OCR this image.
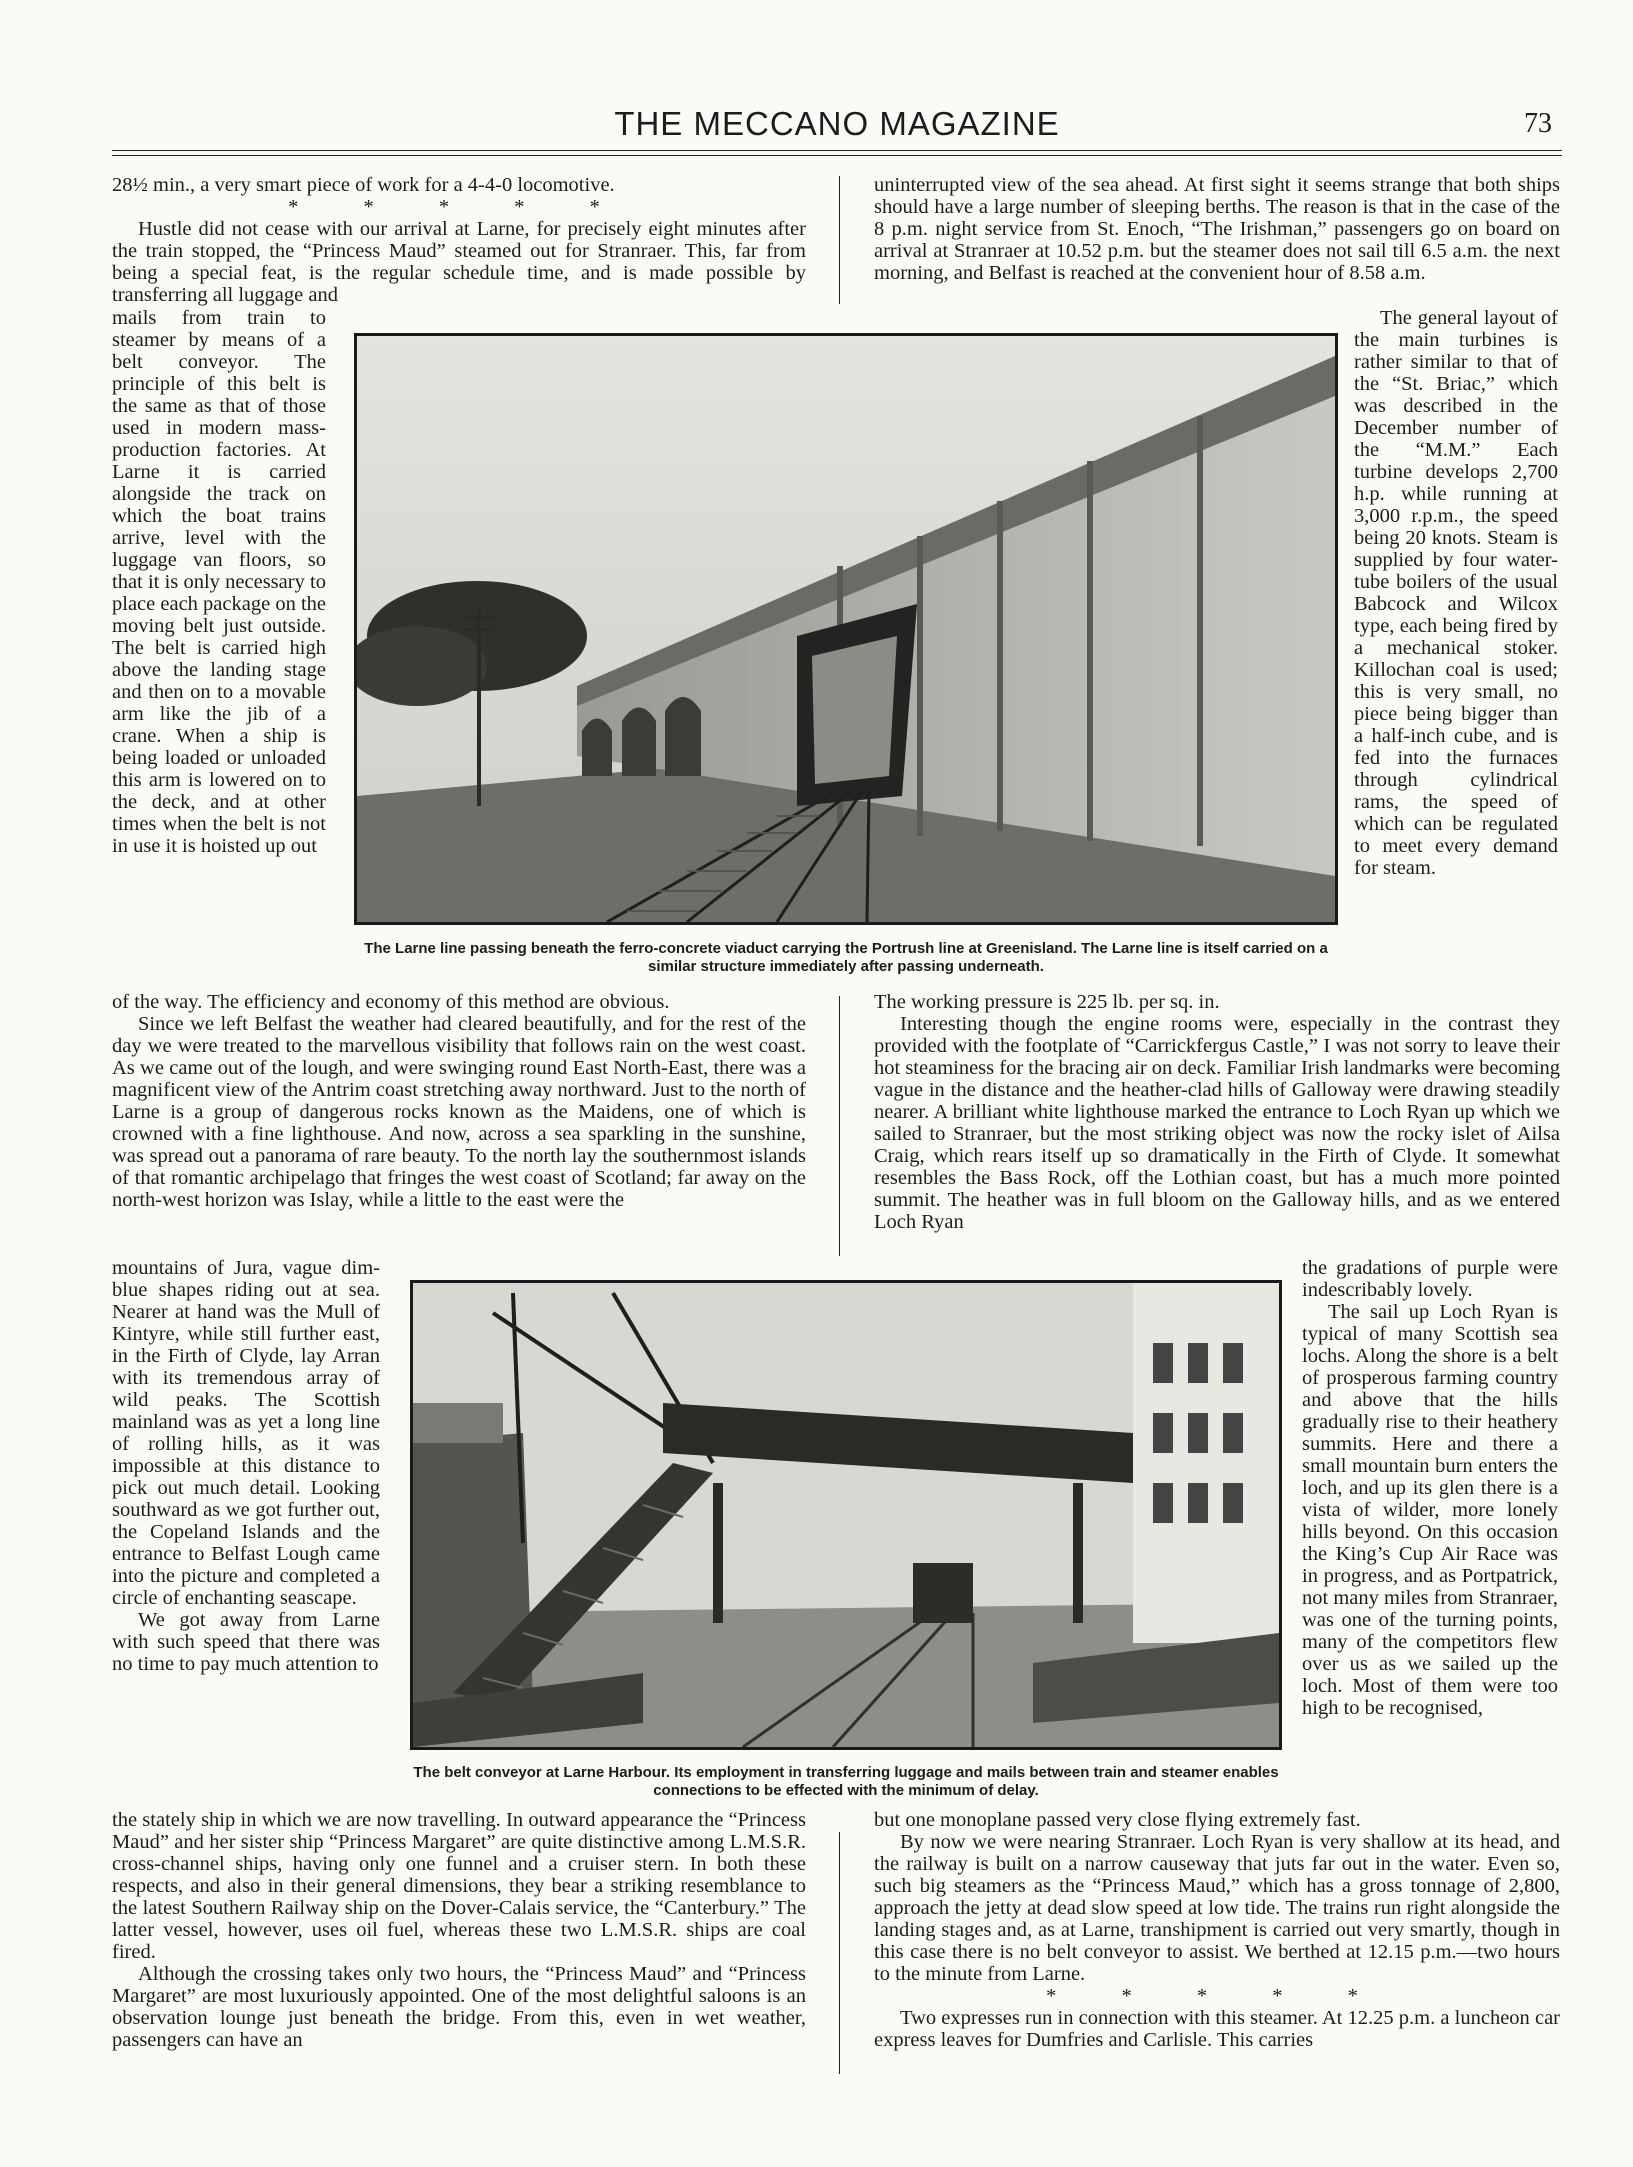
THE MECCANO MAGAZINE	73

28½ min., a very smart piece of work for a 4-4-0 locomotive.

* * * * *

Hustle did not cease with our arrival at Larne, for precisely eight minutes after the train stopped, the “Princess Maud” steamed out for Stranraer. This, far from being a special feat, is the regular schedule time, and is made possible by transferring all luggage and

uninterrupted view of the sea ahead. At first sight it seems strange that both ships should have a large number of sleeping berths. The reason is that in the case of the 8 p.m. night service from St. Enoch, “The Irishman,” passengers go on board on arrival at Stranraer at 10.52 p.m. but the steamer does not sail till 6.5 a.m. the next morning, and Belfast is reached at the convenient hour of 8.58 a.m.

mails from train to steamer by means of a belt conveyor. The principle of this belt is the same as that of those used in modern mass-production factories. At Larne it is carried alongside the track on which the boat trains arrive, level with the luggage van floors, so that it is only necessary to place each package on the moving belt just outside. The belt is carried high above the landing stage and then on to a movable arm like the jib of a crane. When a ship is being loaded or unloaded this arm is lowered on to the deck, and at other times when the belt is not in use it is hoisted up out

The general layout of the main turbines is rather similar to that of the “St. Briac,” which was described in the December number of the “M.M.” Each turbine develops 2,700 h.p. while running at 3,000 r.p.m., the speed being 20 knots. Steam is supplied by four water-tube boilers of the usual Babcock and Wilcox type, each being fired by a mechanical stoker. Killochan coal is used; this is very small, no piece being bigger than a half-inch cube, and is fed into the furnaces through cylindrical rams, the speed of which can be regulated to meet every demand for steam.

The Larne line passing beneath the ferro-concrete viaduct carrying the Portrush line at Greenisland. The Larne line is itself carried on a similar structure immediately after passing underneath.

of the way. The efficiency and economy of this method are obvious.

Since we left Belfast the weather had cleared beautifully, and for the rest of the day we were treated to the marvellous visibility that follows rain on the west coast. As we came out of the lough, and were swinging round East North-East, there was a magnificent view of the Antrim coast stretching away northward. Just to the north of Larne is a group of dangerous rocks known as the Maidens, one of which is crowned with a fine lighthouse. And now, across a sea sparkling in the sunshine, was spread out a panorama of rare beauty. To the north lay the southernmost islands of that romantic archipelago that fringes the west coast of Scotland; far away on the north-west horizon was Islay, while a little to the east were the

The working pressure is 225 lb. per sq. in.

Interesting though the engine rooms were, especially in the contrast they provided with the footplate of “Carrickfergus Castle,” I was not sorry to leave their hot steaminess for the bracing air on deck. Familiar Irish landmarks were becoming vague in the distance and the heather-clad hills of Galloway were drawing steadily nearer. A brilliant white lighthouse marked the entrance to Loch Ryan up which we sailed to Stranraer, but the most striking object was now the rocky islet of Ailsa Craig, which rears itself up so dramatically in the Firth of Clyde. It somewhat resembles the Bass Rock, off the Lothian coast, but has a much more pointed summit. The heather was in full bloom on the Galloway hills, and as we entered Loch Ryan

mountains of Jura, vague dim-blue shapes riding out at sea. Nearer at hand was the Mull of Kintyre, while still further east, in the Firth of Clyde, lay Arran with its tremendous array of wild peaks. The Scottish mainland was as yet a long line of rolling hills, as it was impossible at this distance to pick out much detail. Looking southward as we got further out, the Copeland Islands and the entrance to Belfast Lough came into the picture and completed a circle of enchanting seascape.

We got away from Larne with such speed that there was no time to pay much attention to

the gradations of purple were indescribably lovely.

The sail up Loch Ryan is typical of many Scottish sea lochs. Along the shore is a belt of prosperous farming country and above that the hills gradually rise to their heathery summits. Here and there a small mountain burn enters the loch, and up its glen there is a vista of wilder, more lonely hills beyond. On this occasion the King’s Cup Air Race was in progress, and as Portpatrick, not many miles from Stranraer, was one of the turning points, many of the competitors flew over us as we sailed up the loch. Most of them were too high to be recognised,

The belt conveyor at Larne Harbour. Its employment in transferring luggage and mails between train and steamer enables connections to be effected with the minimum of delay.

the stately ship in which we are now travelling. In outward appearance the “Princess Maud” and her sister ship “Princess Margaret” are quite distinctive among L.M.S.R. cross-channel ships, having only one funnel and a cruiser stern. In both these respects, and also in their general dimensions, they bear a striking resemblance to the latest Southern Railway ship on the Dover-Calais service, the “Canterbury.” The latter vessel, however, uses oil fuel, whereas these two L.M.S.R. ships are coal fired.

Although the crossing takes only two hours, the “Princess Maud” and “Princess Margaret” are most luxuriously appointed. One of the most delightful saloons is an observation lounge just beneath the bridge. From this, even in wet weather, passengers can have an

but one monoplane passed very close flying extremely fast.

By now we were nearing Stranraer. Loch Ryan is very shallow at its head, and the railway is built on a narrow causeway that juts far out in the water. Even so, such big steamers as the “Princess Maud,” which has a gross tonnage of 2,800, approach the jetty at dead slow speed at low tide. The trains run right alongside the landing stages and, as at Larne, transhipment is carried out very smartly, though in this case there is no belt conveyor to assist. We berthed at 12.15 p.m.—two hours to the minute from Larne.

* * * * *

Two expresses run in connection with this steamer. At 12.25 p.m. a luncheon car express leaves for Dumfries and Carlisle. This carries
